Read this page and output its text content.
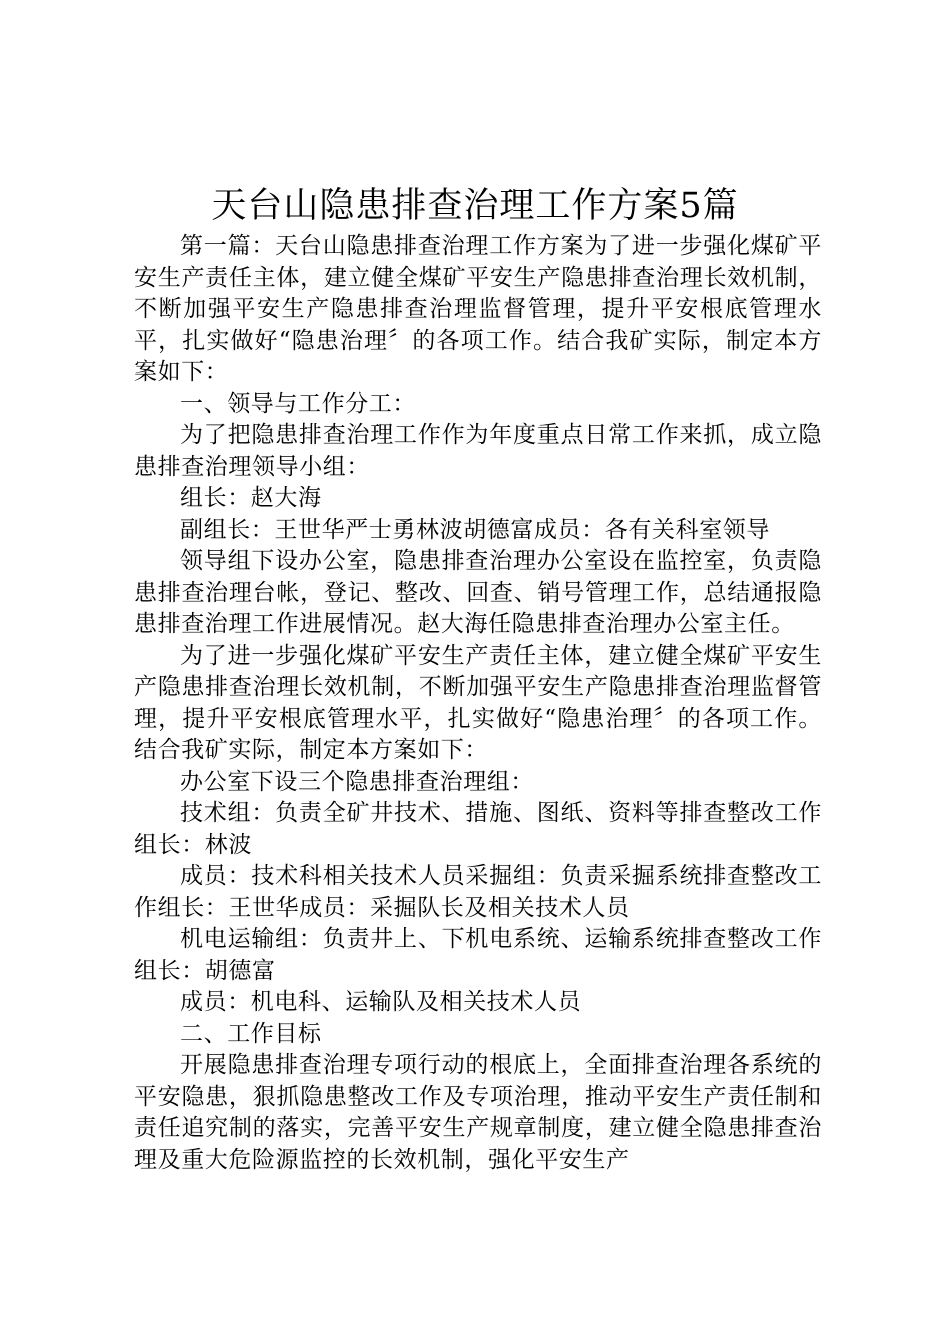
天台山隐患排查治理工作方案5篇

第一篇：天台山隐患排查治理工作方案为了进一步强化煤矿平安生产责任主体，建立健全煤矿平安生产隐患排查治理长效机制，不断加强平安生产隐患排查治理监督管理，提升平安根底管理水平，扎实做好“隐患治理〞的各项工作。结合我矿实际，制定本方案如下：

一、领导与工作分工：

为了把隐患排查治理工作作为年度重点日常工作来抓，成立隐患排查治理领导小组：

组长：赵大海

副组长：王世华严士勇林波胡德富成员：各有关科室领导

领导组下设办公室，隐患排查治理办公室设在监控室，负责隐患排查治理台帐，登记、整改、回查、销号管理工作，总结通报隐患排查治理工作进展情况。赵大海任隐患排查治理办公室主任。

为了进一步强化煤矿平安生产责任主体，建立健全煤矿平安生产隐患排查治理长效机制，不断加强平安生产隐患排查治理监督管理，提升平安根底管理水平，扎实做好“隐患治理〞的各项工作。结合我矿实际，制定本方案如下：

办公室下设三个隐患排查治理组：

技术组：负责全矿井技术、措施、图纸、资料等排查整改工作组长：林波

成员：技术科相关技术人员采掘组：负责采掘系统排查整改工作组长：王世华成员：采掘队长及相关技术人员

机电运输组：负责井上、下机电系统、运输系统排查整改工作组长：胡德富

成员：机电科、运输队及相关技术人员

二、工作目标

开展隐患排查治理专项行动的根底上，全面排查治理各系统的平安隐患，狠抓隐患整改工作及专项治理，推动平安生产责任制和责任追究制的落实，完善平安生产规章制度，建立健全隐患排查治理及重大危险源监控的长效机制，强化平安生产
